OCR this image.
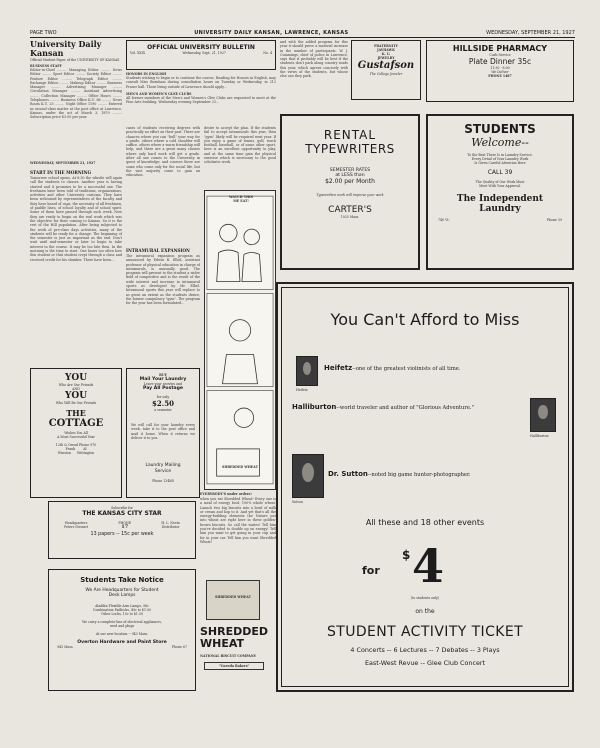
PAGE TWO	UNIVERSITY DAILY KANSAN, LAWRENCE, KANSAS	WEDNESDAY, SEPTEMBER 21, 1927
University Daily Kansan
Official Student Paper of the UNIVERSITY OF KANSAS
BUSINESS STAFF

Editor-in-Chief ......... Managing Editor ......... News Editor ......... Sport Editor ......... Society Editor ......... Feature Editor ......... Telegraph Editor ......... Exchange Editor ......... Makeup Editor ......... Business Manager ......... Advertising Manager ......... Circulation Manager ......... Assistant Advertising ......... Collection Manager ......... Office Hours ......... Telephones ......... Business Office K.U. 66 ......... News Room K.U. 25 ......... Night Office 1190 ......... Entered as second-class matter at the post office at Lawrence, Kansas, under the act of March 3, 1879 ......... Subscription price $3.00 per year.

WEDNESDAY, SEPTEMBER 21, 1927
START IN THE MORNING

Tomorrow school opens. At 8:30 the whistle will again call the students to classes. Another year is having started and it promises to be a successful one. The freshmen have been told of traditions, organizations, activities and other University customs. They have been welcomed by representatives of the faculty and they have heard of cups, the necessity of all freshmen, of paddle lines, of school loyalty and of school spirit. Some of them have passed through such week. Now they are ready to begin on the real work which was the objective for their coming to Kansas. So it is the rest of the Hill population. After being subjected to the work of pre-class days activities, many of the students will be ready for a change. The beginning of the semester is just as important as the end. Don't wait until mid-semester or later to begin to take interest in the course. It may be too late then. In the morning is the time to start. One hears too often how this student or that student crept through a class and received credit for his slumber. There have been...

OFFICIAL UNIVERSITY BULLETIN
Vol. XXIX	Wednesday, Sept. 21, 1927	No. 4
HONORS IN ENGLISH

Students wishing to begin or to continue the course, Reading for Honors in English, may consult Miss Burnham during consultation hours on Tuesday or Wednesday, in 212 Fraser hall. Those living outside of Lawrence should apply...

MEN'S AND WOMEN'S GLEE CLUBS

All former members of the Men's and Women's Glee Clubs are requested to meet at the Fine Arts building, Wednesday evening September 21...

cases of students receiving degrees with practically no effort on their part. There are chances where you can "bull" your way for a grade, others where a cold shoulder will suffice, others where a warm friendship will help, and there are a great many classes where only hard work will get a grade. After all one comes to the University in quest of knowledge, and courses there are some who come only for the social life, but the vast majority come to gain an education.

INTRAMURAL EXPANSION

The intramural expansion program as announced by Edwin R. Elbel, assistant professor of physical education in charge of intramurals, is unusually good. The program will present to the student a wider field of competitive and is the result of the wide interest and increase in intramural sports as developed by Mr. Elbel. Intramural sports this year will replace to as great an extent as the students desire, the former compulsory "gym". The program for the year has been formulated...

desire to accept the plan. If the students fail to accept intramurals this year, then "gym" likely will be required next year. If you enjoy a game of tennis, golf, touch football, baseball, or of some other sport, here is an excellent opportunity to play, and at the same time gain the physical exercise which is necessary to the good scholastic work.

WATCH THIS
ME EAT!
SHREDDED WHEAT
YOU
Who Are Our Friends
AND
YOU
Who Will Be Our Friends
THE
COTTAGE
Wishes You All
A Most Successful Year
12th & Oread Phone 970
Frank        Al
Winston      Wittington
BUY
Mail Your Laundry
Leave your worries and
Pay All Postage
for only
$2.50
a semester

We will call for your laundry every week, take it to the post office and mail it home. When it returns we deliver it to you.

Laundry Mailing
Service
Phone 1348R
Subscribe for
THE KANSAS CITY STAR
Headquarters
Peters Stewart
PHONE
17
H. L. Nevin
Distributor
13 papers -- 15c per week
Students Take Notice
We Are Headquarters for Student
Desk Lamps
Aladdin Flexible Arm Lamps, 98c
Combination Padlocks, 49c to $1.00
Other Locks, 10c to $1.50
We carry a complete line of electrical appliances,
seed and plugs
At our new location -- 943 Mass.
Overton Hardware and Paint Store
943 Mass.	Phone 67
EVERYBODY'S under orders!

when you eat Shredded Wheat! Every one is a meal of energy food, 100% whole wheat. Launch two big biscuits into a bowl of milk or cream and hop to it. And yet that's all the energy-building elements the Nature put into wheat are right here in these golden-brown biscuits. So call the waiter! Tell him you've decided to double up on energy! Tell him you want to get going in your cup and for in your car. Tell him you want Shredded Wheat!

SHREDDED WHEAT
SHREDDED
WHEAT
NATIONAL BISCUIT COMPANY
"Uneeda Bakers"

and with the added program for this year it should prove a material increase in the number of participants. W. J. Cummings, chief of police in Lawrence, says that it probably will be best if the students don't park along country roads this year, which agrees concisely with the views of the students, but whose else can they park.

FRATERNITY
JAYHAWK
K. U.
JEWELRY
Gustafson
The College Jeweler
HILLSIDE PHARMACY
Curb Service
Plate Dinner 35c
11:30 - 8:00
We Deliver
PHONE 1487
RENTAL
TYPEWRITERS
SEMESTER RATES
at LESS than
$2.00 per Month
Typewritten work will improve your work
CARTER'S
1025 Mass.
STUDENTS
Welcome--
To the Best There Is in Laundry Service.
Every Detail of Your Laundry Work
Is Given Careful Attention Here
CALL 39
The Quality of Our Work Must
Meet With Your Approval.
The Independent
Laundry
740 Vt.	Phone 39
You Can't Afford to Miss
Heifetz
Heifetz--one of the greatest violinists of all time.
Halliburton
Halliburton--world traveler and author of "Glorious Adventure."
Sutton
Dr. Sutton--noted big game hunter-photographer.
All these and 18 other events
for
$ 4
(to students only)
on the
STUDENT ACTIVITY TICKET
4 Concerts -- 6 Lectures -- 7 Debates -- 3 Plays
East-West Revue -- Glee Club Concert
